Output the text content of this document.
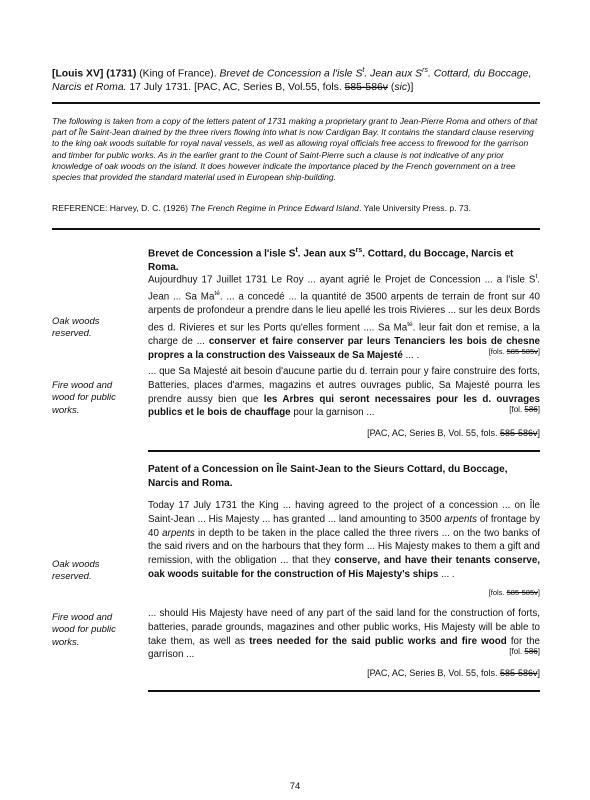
[Louis XV] (1731) (King of France). Brevet de Concession a l'isle $S^t$. Jean aux $S^{rs}$. Cottard, du Boccage, Narcis et Roma. 17 July 1731. [PAC, AC, Series B, Vol.55, fols. 585-586v (sic)]
The following is taken from a copy of the letters patent of 1731 making a proprietary grant to Jean-Pierre Roma and others of that part of Île Saint-Jean drained by the three rivers flowing into what is now Cardigan Bay. It contains the standard clause reserving to the king oak woods suitable for royal naval vessels, as well as allowing royal officials free access to firewood for the garrison and timber for public works. As in the earlier grant to the Count of Saint-Pierre such a clause is not indicative of any prior knowledge of oak woods on the island. It does however indicate the importance placed by the French government on a tree species that provided the standard material used in European ship-building.
REFERENCE: Harvey, D. C. (1926) The French Regime in Prince Edward Island. Yale University Press. p. 73.
Brevet de Concession a l'isle $S^t$. Jean aux $S^{rs}$. Cottard, du Boccage, Narcis et Roma.
Aujourdhuy 17 Juillet 1731 Le Roy ... ayant agrié le Projet de Concession ... a l'isle $S^t$. Jean ... Sa $Ma^{té}$. ... a concedé ... la quantité de 3500 arpents de terrain de front sur 40 arpents de profondeur a prendre dans le lieu apellé les trois Rivieres ... sur les deux Bords des d. Rivieres et sur les Ports qu'elles forment .... Sa $Ma^{té}$. leur fait don et remise, a la charge de ... conserver et faire conserver par leurs Tenanciers les bois de chesne propres a la construction des Vaisseaux de Sa Majesté ... .	[fols. 585-585v]
Oak woods reserved.
Fire wood and wood for public works.
... que Sa Majesté ait besoin d'aucune partie du d. terrain pour y faire construire des forts, Batteries, places d'armes, magazins et autres ouvrages public, Sa Majesté pourra les prendre aussy bien que les Arbres qui seront necessaires pour les d. ouvrages publics et le bois de chauffage pour la garnison ...	[fol. 586]
[PAC, AC, Series B, Vol. 55, fols. 585-586v]
Patent of a Concession on Île Saint-Jean to the Sieurs Cottard, du Boccage, Narcis and Roma.
Today 17 July 1731 the King ... having agreed to the project of a concession ... on Île Saint-Jean ... His Majesty ... has granted ... land amounting to 3500 arpents of frontage by 40 arpents in depth to be taken in the place called the three rivers ... on the two banks of the said rivers and on the harbours that they form ... His Majesty makes to them a gift and remission, with the obligation ... that they conserve, and have their tenants conserve, oak woods suitable for the construction of His Majesty's ships ... .
[fols. 585-585v]
Oak woods reserved.
Fire wood and wood for public works.
... should His Majesty have need of any part of the said land for the construction of forts, batteries, parade grounds, magazines and other public works, His Majesty will be able to take them, as well as trees needed for the said public works and fire wood for the garrison ...	[fol. 586]
[PAC, AC, Series B, Vol. 55, fols. 585-586v]
74
